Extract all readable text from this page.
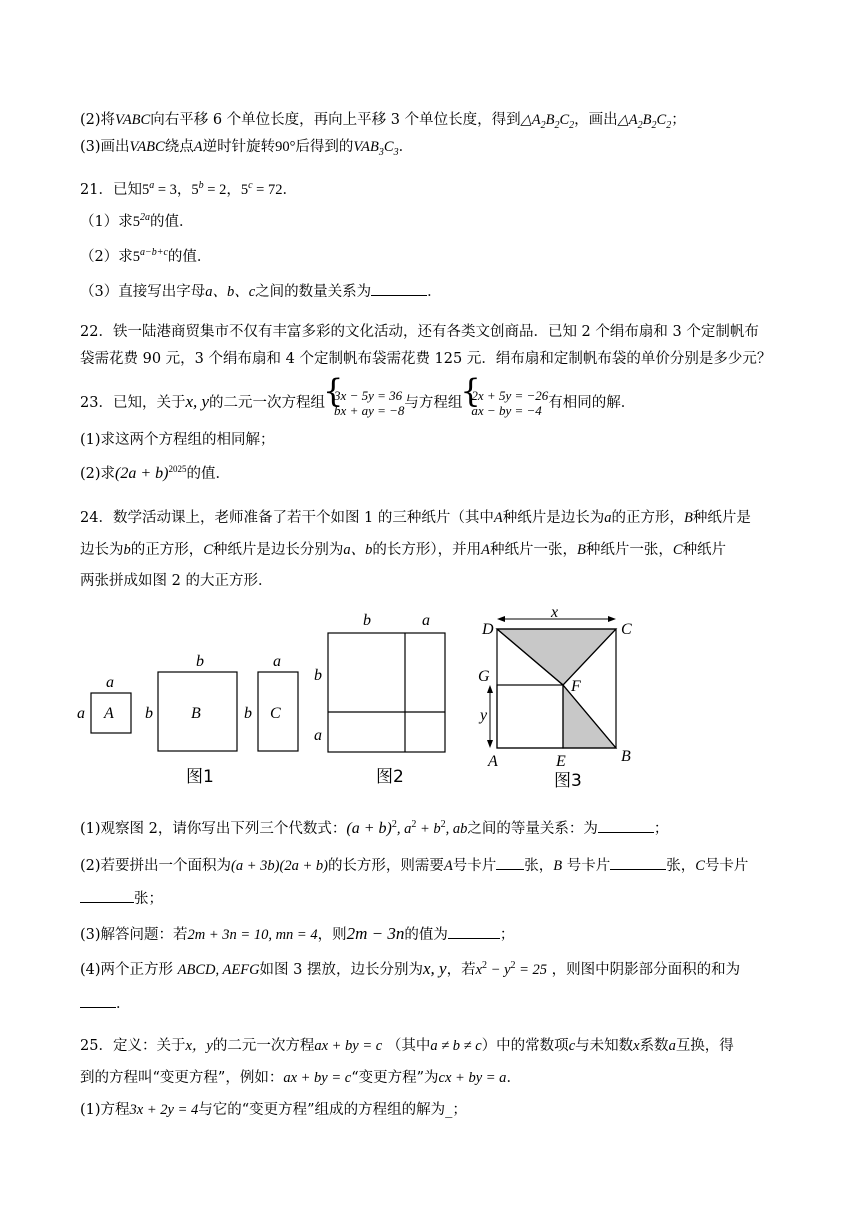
(2)将VABC向右平移 6 个单位长度，再向上平移 3 个单位长度，得到$\triangle A_2B_2C_2$，画出$\triangle A_2B_2C_2$；
(3)画出VABC绕点A逆时针旋转90°后得到的$VAB_3C_3$．
21．已知$5^a = 3$，$5^b = 2$，$5^c = 72$．
（1）求$5^{2a}$的值．
（2）求$5^{a-b+c}$的值．
（3）直接写出字母a、b、c之间的数量关系为	．
22．铁一陆港商贸集市不仅有丰富多彩的文化活动，还有各类文创商品．已知 2 个绢布扇和 3 个定制帆布
袋需花费 90 元，3 个绢布扇和 4 个定制帆布袋需花费 125 元．绢布扇和定制帆布袋的单价分别是多少元？
23．已知，关于x, y的二元一次方程组 { 3x − 5y = 36
bx + ay = −8与方程组 { 2x + 5y = −26
ax − by = −4 有相同的解．
(1)求这两个方程组的相同解；
(2)求$(2a + b)^{2025}$的值．
24．数学活动课上，老师准备了若干个如图 1 的三种纸片（其中A种纸片是边长为a的正方形，B种纸片是
边长为b的正方形，C种纸片是边长分别为a、b的长方形），并用A种纸片一张，B种纸片一张，C种纸片
两张拼成如图 2 的大正方形．
a
a A
b
b B
a
b C
图1
b	a
b
a
图2
x
y
D	C
G
F
A	E	B
图3
(1)观察图 2，请你写出下列三个代数式：$(a + b)^2$, $a^2 + b^2$, ab之间的等量关系：为	；
(2)若要拼出一个面积为(a + 3b)(2a + b)的长方形，则需要A号卡片 张，B 号卡片	张，C号卡片
张；
(3)解答问题：若2m + 3n = 10, mn = 4，则2m − 3n的值为	；
(4)两个正方形 ABCD, AEFG如图 3 摆放，边长分别为x, y，若$x^2 - y^2 = 25$ ，则图中阴影部分面积的和为
．
25．定义：关于x，y的二元一次方程ax + by = c （其中a ≠ b ≠ c）中的常数项c与未知数x系数a互换，得
到的方程叫“变更方程”，例如：ax + by = c“变更方程”为cx + by = a．
(1)方程3x + 2y = 4与它的“变更方程”组成的方程组的解为_；
